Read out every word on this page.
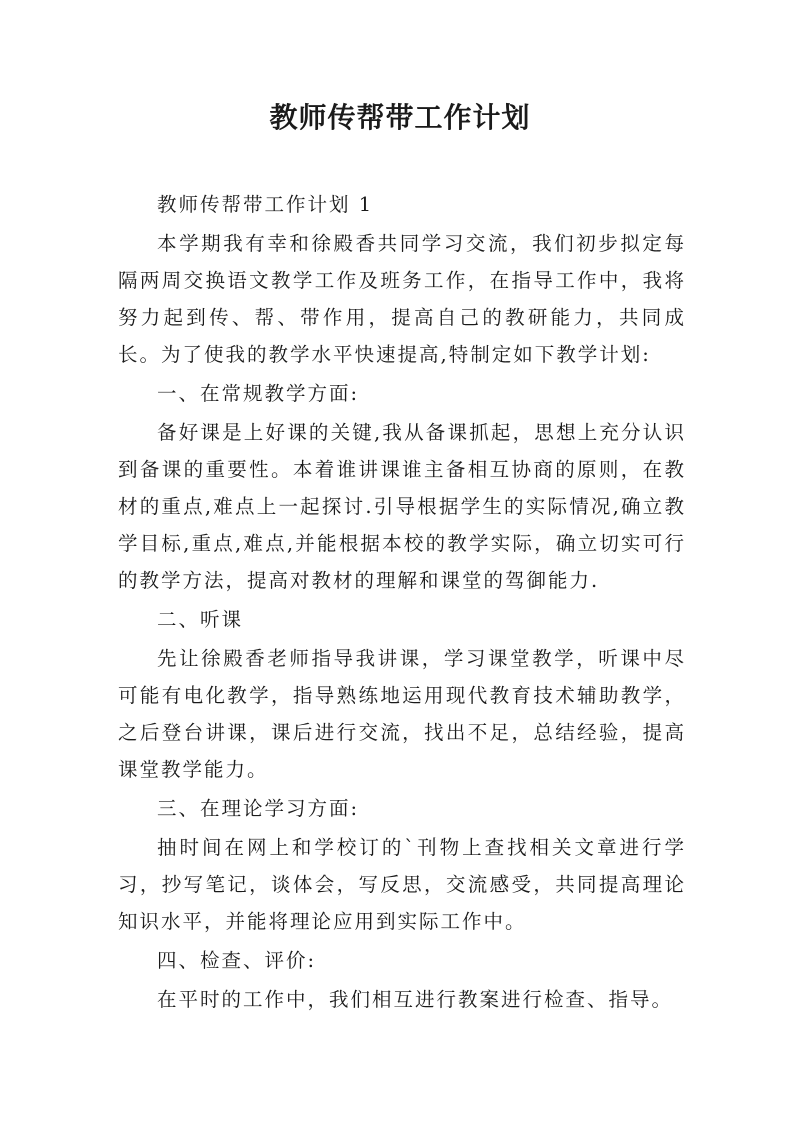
教师传帮带工作计划

教师传帮带工作计划 1

本学期我有幸和徐殿香共同学习交流，我们初步拟定每隔两周交换语文教学工作及班务工作，在指导工作中，我将努力起到传、帮、带作用，提高自己的教研能力，共同成长。为了使我的教学水平快速提高,特制定如下教学计划:

一、在常规教学方面:

备好课是上好课的关键,我从备课抓起，思想上充分认识到备课的重要性。本着谁讲课谁主备相互协商的原则，在教材的重点,难点上一起探讨.引导根据学生的实际情况,确立教学目标,重点,难点,并能根据本校的教学实际，确立切实可行的教学方法，提高对教材的理解和课堂的驾御能力.

二、听课

先让徐殿香老师指导我讲课，学习课堂教学，听课中尽可能有电化教学，指导熟练地运用现代教育技术辅助教学，之后登台讲课，课后进行交流，找出不足，总结经验，提高课堂教学能力。

三、在理论学习方面:

抽时间在网上和学校订的`刊物上查找相关文章进行学习，抄写笔记，谈体会，写反思，交流感受，共同提高理论知识水平，并能将理论应用到实际工作中。

四、检查、评价:

在平时的工作中，我们相互进行教案进行检查、指导。
